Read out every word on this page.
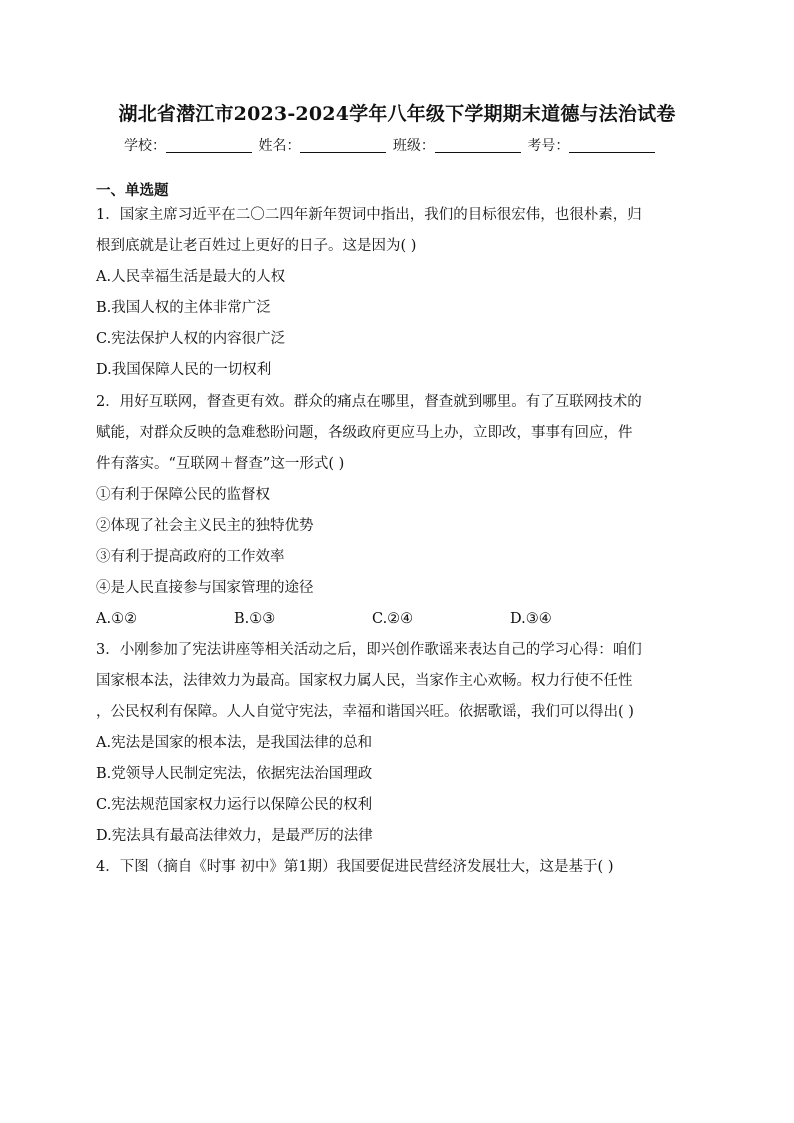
湖北省潜江市2023-2024学年八年级下学期期末道德与法治试卷
学校：	姓名：	班级：	考号：
一、单选题
1．国家主席习近平在二〇二四年新年贺词中指出，我们的目标很宏伟，也很朴素，归
根到底就是让老百姓过上更好的日子。这是因为( )
A.人民幸福生活是最大的人权
B.我国人权的主体非常广泛
C.宪法保护人权的内容很广泛
D.我国保障人民的一切权利
2．用好互联网，督查更有效。群众的痛点在哪里，督查就到哪里。有了互联网技术的
赋能，对群众反映的急难愁盼问题，各级政府更应马上办，立即改，事事有回应，件
件有落实。“互联网＋督查”这一形式( )
①有利于保障公民的监督权
②体现了社会主义民主的独特优势
③有利于提高政府的工作效率
④是人民直接参与国家管理的途径
A.①②	B.①③	C.②④	D.③④
3．小刚参加了宪法讲座等相关活动之后，即兴创作歌谣来表达自己的学习心得：咱们
国家根本法，法律效力为最高。国家权力属人民，当家作主心欢畅。权力行使不任性
，公民权利有保障。人人自觉守宪法，幸福和谐国兴旺。依据歌谣，我们可以得出( )
A.宪法是国家的根本法，是我国法律的总和
B.党领导人民制定宪法，依据宪法治国理政
C.宪法规范国家权力运行以保障公民的权利
D.宪法具有最高法律效力，是最严厉的法律
4．下图（摘自《时事 初中》第1期）我国要促进民营经济发展壮大，这是基于( )
